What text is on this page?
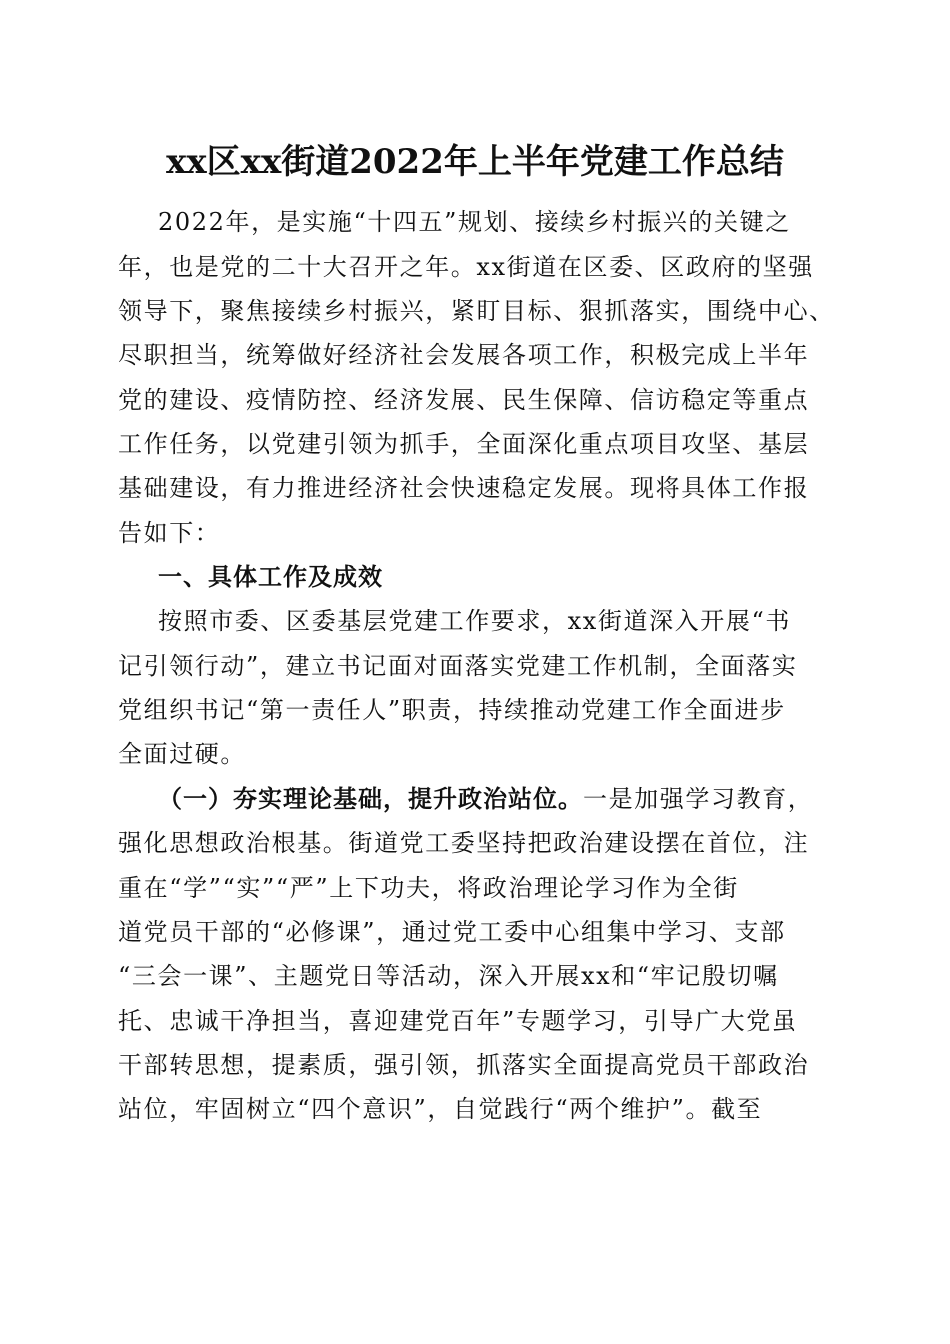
xx区xx街道2022年上半年党建工作总结
2022年，是实施“十四五”规划、接续乡村振兴的关键之
年，也是党的二十大召开之年。xx街道在区委、区政府的坚强
领导下，聚焦接续乡村振兴，紧盯目标、狠抓落实，围绕中心、
尽职担当，统筹做好经济社会发展各项工作，积极完成上半年
党的建设、疫情防控、经济发展、民生保障、信访稳定等重点
工作任务，以党建引领为抓手，全面深化重点项目攻坚、基层
基础建设，有力推进经济社会快速稳定发展。现将具体工作报
告如下：
一、具体工作及成效
按照市委、区委基层党建工作要求，xx街道深入开展“书
记引领行动”，建立书记面对面落实党建工作机制，全面落实
党组织书记“第一责任人”职责，持续推动党建工作全面进步
全面过硬。
（一）夯实理论基础，提升政治站位。一是加强学习教育，
强化思想政治根基。街道党工委坚持把政治建设摆在首位，注
重在“学”“实”“严”上下功夫，将政治理论学习作为全街
道党员干部的“必修课”，通过党工委中心组集中学习、支部
“三会一课”、主题党日等活动，深入开展xx和“牢记殷切嘱
托、忠诚干净担当，喜迎建党百年”专题学习，引导广大党虽
干部转思想，提素质，强引领，抓落实全面提高党员干部政治
站位，牢固树立“四个意识”，自觉践行“两个维护”。截至
